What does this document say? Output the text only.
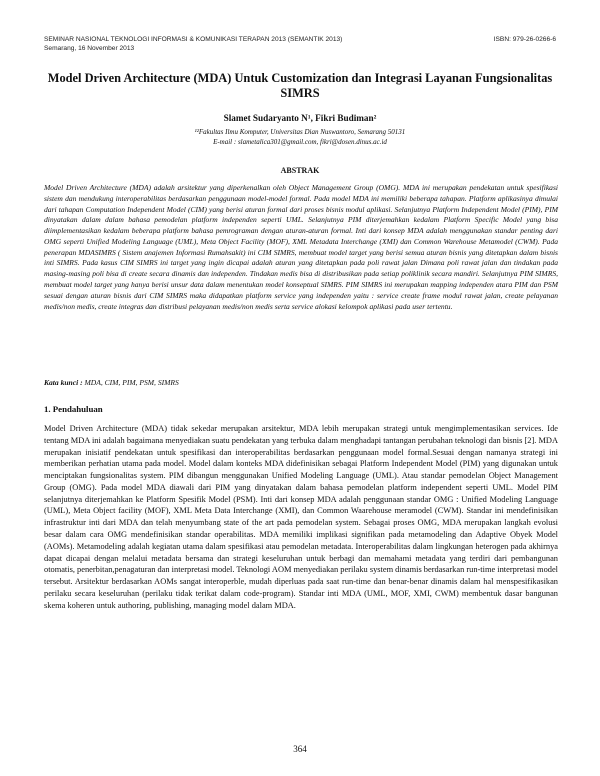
SEMINAR NASIONAL TEKNOLOGI INFORMASI & KOMUNIKASI TERAPAN 2013 (SEMANTIK 2013)
Semarang, 16 November 2013
ISBN: 979-26-0266-6
Model Driven Architecture (MDA) Untuk Customization dan Integrasi Layanan Fungsionalitas SIMRS
Slamet Sudaryanto N¹, Fikri Budiman²
¹²Fakultas Ilmu Komputer, Universitas Dian Nuswantoro, Semarang 50131
E-mail : slametalica301@gmail.com, fikri@dosen.dinus.ac.id
ABSTRAK

Model Driven Architecture (MDA) adalah arsitektur yang diperkenalkan oleh Object Management Group (OMG). MDA ini merupakan pendekatan untuk spesifikasi sistem dan mendukung interoperabilitas berdasarkan penggunaan model-model formal. Pada model MDA ini memiliki beberapa tahapan. Platform aplikasinya dimulai dari tahapan Computation Independent Model (CIM) yang berisi aturan formal dari proses bisnis modul aplikasi. Selanjutnya Platform Independent Model (PIM), PIM dinyatakan dalam dalam bahasa pemodelan platform independen seperti UML. Selanjutnya PIM diterjemahkan kedalam Platform Specific Model yang bisa diimplementasikan kedalam beberapa platform bahasa pemrograman dengan aturan-aturan formal. Inti dari konsep MDA adalah menggunakan standar penting dari OMG seperti Unified Modeling Language (UML), Meta Object Facility (MOF), XML Metadata Interchange (XMI) dan Common Warehouse Metamodel (CWM). Pada penerapan MDASIMRS ( Sistem anajemen Informasi Rumahsakit) ini CIM SIMRS, membuat model target yang berisi semua aturan bisnis yang ditetapkan dalam bisnis inti SIMRS. Pada kasus CIM SIMRS ini target yang ingin dicapai adalah aturan yang ditetapkan pada poli rawat jalan Dimana poli rawat jalan dan tindakan pada masing-masing poli bisa di create secara dinamis dan independen. Tindakan medis bisa di distribusikan pada setiap poliklinik secara mandiri. Selanjutnya PIM SIMRS, membuat model target yang hanya berisi unsur data dalam menentukan model konseptual SIMRS. PIM SIMRS ini merupakan mapping independen atara PIM dan PSM sesuai dengan aturan bisnis dari CIM SIMRS maka didapatkan platform service yang independen yaitu : service create frame modul rawat jalan, create pelayanan medis/non medis, create integras dan distribusi pelayanan medis/non medis serta service alokasi kelompok aplikasi pada user tertentu.

Kata kunci : MDA, CIM, PIM, PSM, SIMRS

1. Pendahuluan

Model Driven Architecture (MDA) tidak sekedar merupakan arsitektur, MDA lebih merupakan strategi untuk mengimplementasikan services. Ide tentang MDA ini adalah bagaimana menyediakan suatu pendekatan yang terbuka dalam menghadapi tantangan perubahan teknologi dan bisnis [2]. MDA merupakan inisiatif pendekatan untuk spesifikasi dan interoperabilitas berdasarkan penggunaan model formal.Sesuai dengan namanya strategi ini memberikan perhatian utama pada model. Model dalam konteks MDA didefinisikan sebagai Platform Independent Model (PIM) yang digunakan untuk menciptakan fungsionalitas system. PIM dibangun menggunakan Unified Modeling Language (UML). Atau standar pemodelan Object Management Group (OMG). Pada model MDA diawali dari PIM yang dinyatakan dalam bahasa pemodelan platform independent seperti UML. Model PIM selanjutnya diterjemahkan ke Platform Spesifik Model (PSM). Inti dari konsep MDA adalah penggunaan standar OMG : Unified Modeling Language (UML), Meta Object facility (MOF), XML Meta Data Interchange (XMI), dan Common Waarehouse meramodel (CWM). Standar ini mendefinisikan infrastruktur inti dari MDA dan telah menyumbang state of the art pada pemodelan system. Sebagai proses OMG, MDA merupakan langkah evolusi besar dalam cara OMG mendefinisikan standar operabilitas. MDA memiliki implikasi signifikan pada metamodeling dan Adaptive Obyek Model (AOMs). Metamodeling adalah kegiatan utama dalam spesifikasi atau pemodelan metadata. Interoperabilitas dalam lingkungan heterogen pada akhirnya dapat dicapai dengan melalui metadata bersama dan strategi keseluruhan untuk berbagi dan memahami metadata yang terdiri dari pembangunan otomatis, penerbitan,penagaturan dan interpretasi model. Teknologi AOM menyediakan perilaku system dinamis berdasarkan run-time interpretasi model tersebut. Arsitektur berdasarkan AOMs sangat interoperble, mudah diperluas pada saat run-time dan benar-benar dinamis dalam hal menspesifikasikan perilaku secara keseluruhan (perilaku tidak terikat dalam code-program). Standar inti MDA (UML, MOF, XMI, CWM) membentuk dasar bangunan skema koheren untuk authoring, publishing, managing model dalam MDA.

364
